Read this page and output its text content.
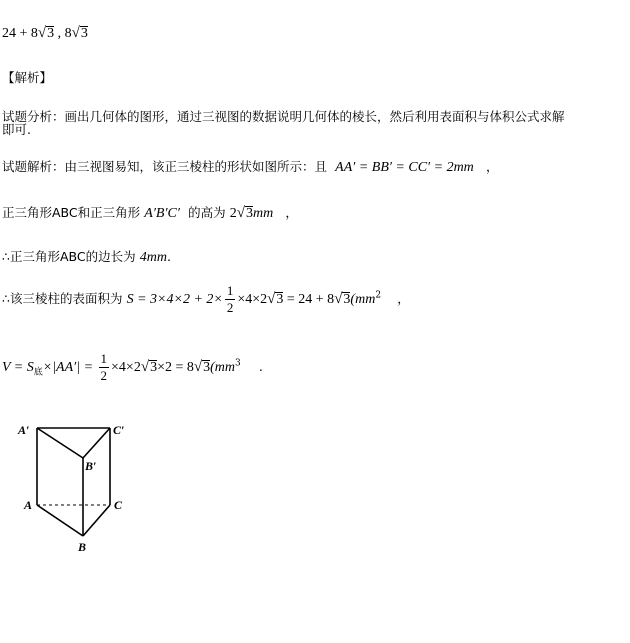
24 + 8√3 , 8√3
【解析】
试题分析：画出几何体的图形，通过三视图的数据说明几何体的棱长，然后利用表面积与体积公式求解
即可.
试题解析：由三视图易知，该正三棱柱的形状如图所示：且 AA′ = BB′ = CC′ = 2mm ，
正三角形ABC和正三角形 A′B′C′ 的高为 2√3mm ，
∴正三角形ABC的边长为 4mm.
∴该三棱柱的表面积为 $S = 3\times 4\times 2 + 2\times \frac{1}{2} \times 4\times 2√3 = 24 + 8√3(mm^2$ ，
$V = S_底\times|AA'| = \frac{1}{2} \times 4\times 2√3\times 2 = 8√3(mm^3$ .
A′	C′
B′
A	C
B
